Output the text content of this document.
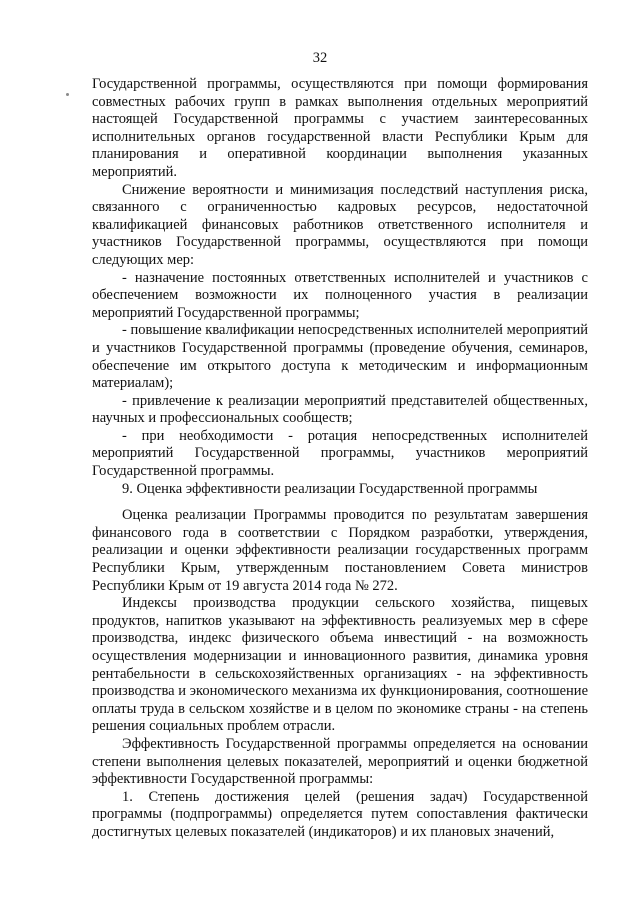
32

Государственной программы, осуществляются при помощи формирования совместных рабочих групп в рамках выполнения отдельных мероприятий настоящей Государственной программы с участием заинтересованных исполнительных органов государственной власти Республики Крым для планирования и оперативной координации выполнения указанных мероприятий.

Снижение вероятности и минимизация последствий наступления риска, связанного с ограниченностью кадровых ресурсов, недостаточной квалификацией финансовых работников ответственного исполнителя и участников Государственной программы, осуществляются при помощи следующих мер:

- назначение постоянных ответственных исполнителей и участников с обеспечением возможности их полноценного участия в реализации мероприятий Государственной программы;

- повышение квалификации непосредственных исполнителей мероприятий и участников Государственной программы (проведение обучения, семинаров, обеспечение им открытого доступа к методическим и информационным материалам);

- привлечение к реализации мероприятий представителей общественных, научных и профессиональных сообществ;

- при необходимости - ротация непосредственных исполнителей мероприятий Государственной программы, участников мероприятий Государственной программы.

9. Оценка эффективности реализации Государственной программы

Оценка реализации Программы проводится по результатам завершения финансового года в соответствии с Порядком разработки, утверждения, реализации и оценки эффективности реализации государственных программ Республики Крым, утвержденным постановлением Совета министров Республики Крым от 19 августа 2014 года № 272.

Индексы производства продукции сельского хозяйства, пищевых продуктов, напитков указывают на эффективность реализуемых мер в сфере производства, индекс физического объема инвестиций - на возможность осуществления модернизации и инновационного развития, динамика уровня рентабельности в сельскохозяйственных организациях - на эффективность производства и экономического механизма их функционирования, соотношение оплаты труда в сельском хозяйстве и в целом по экономике страны - на степень решения социальных проблем отрасли.

Эффективность Государственной программы определяется на основании степени выполнения целевых показателей, мероприятий и оценки бюджетной эффективности Государственной программы:

1. Степень достижения целей (решения задач) Государственной программы (подпрограммы) определяется путем сопоставления фактически достигнутых целевых показателей (индикаторов) и их плановых значений,
